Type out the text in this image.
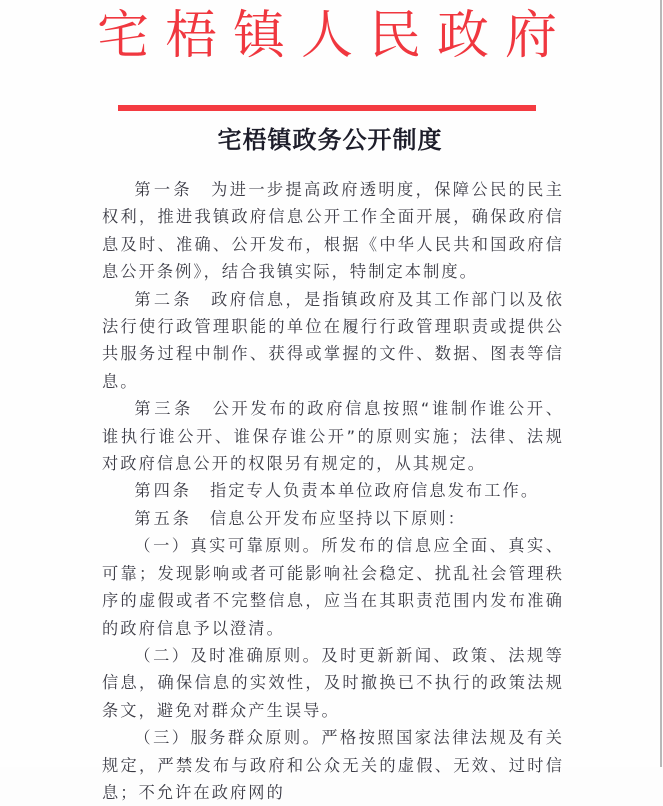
宅梧镇人民政府
宅梧镇政务公开制度

第一条 为进一步提高政府透明度，保障公民的民主权利，推进我镇政府信息公开工作全面开展，确保政府信息及时、准确、公开发布，根据《中华人民共和国政府信息公开条例》，结合我镇实际，特制定本制度。

第二条 政府信息，是指镇政府及其工作部门以及依法行使行政管理职能的单位在履行行政管理职责或提供公共服务过程中制作、获得或掌握的文件、数据、图表等信息。

第三条 公开发布的政府信息按照“谁制作谁公开、谁执行谁公开、谁保存谁公开”的原则实施；法律、法规对政府信息公开的权限另有规定的，从其规定。

第四条 指定专人负责本单位政府信息发布工作。

第五条 信息公开发布应坚持以下原则：

（一）真实可靠原则。所发布的信息应全面、真实、可靠；发现影响或者可能影响社会稳定、扰乱社会管理秩序的虚假或者不完整信息，应当在其职责范围内发布准确的政府信息予以澄清。

（二）及时准确原则。及时更新新闻、政策、法规等信息，确保信息的实效性，及时撤换已不执行的政策法规条文，避免对群众产生误导。

（三）服务群众原则。严格按照国家法律法规及有关规定，严禁发布与政府和公众无关的虚假、无效、过时信息；不允许在政府网的
